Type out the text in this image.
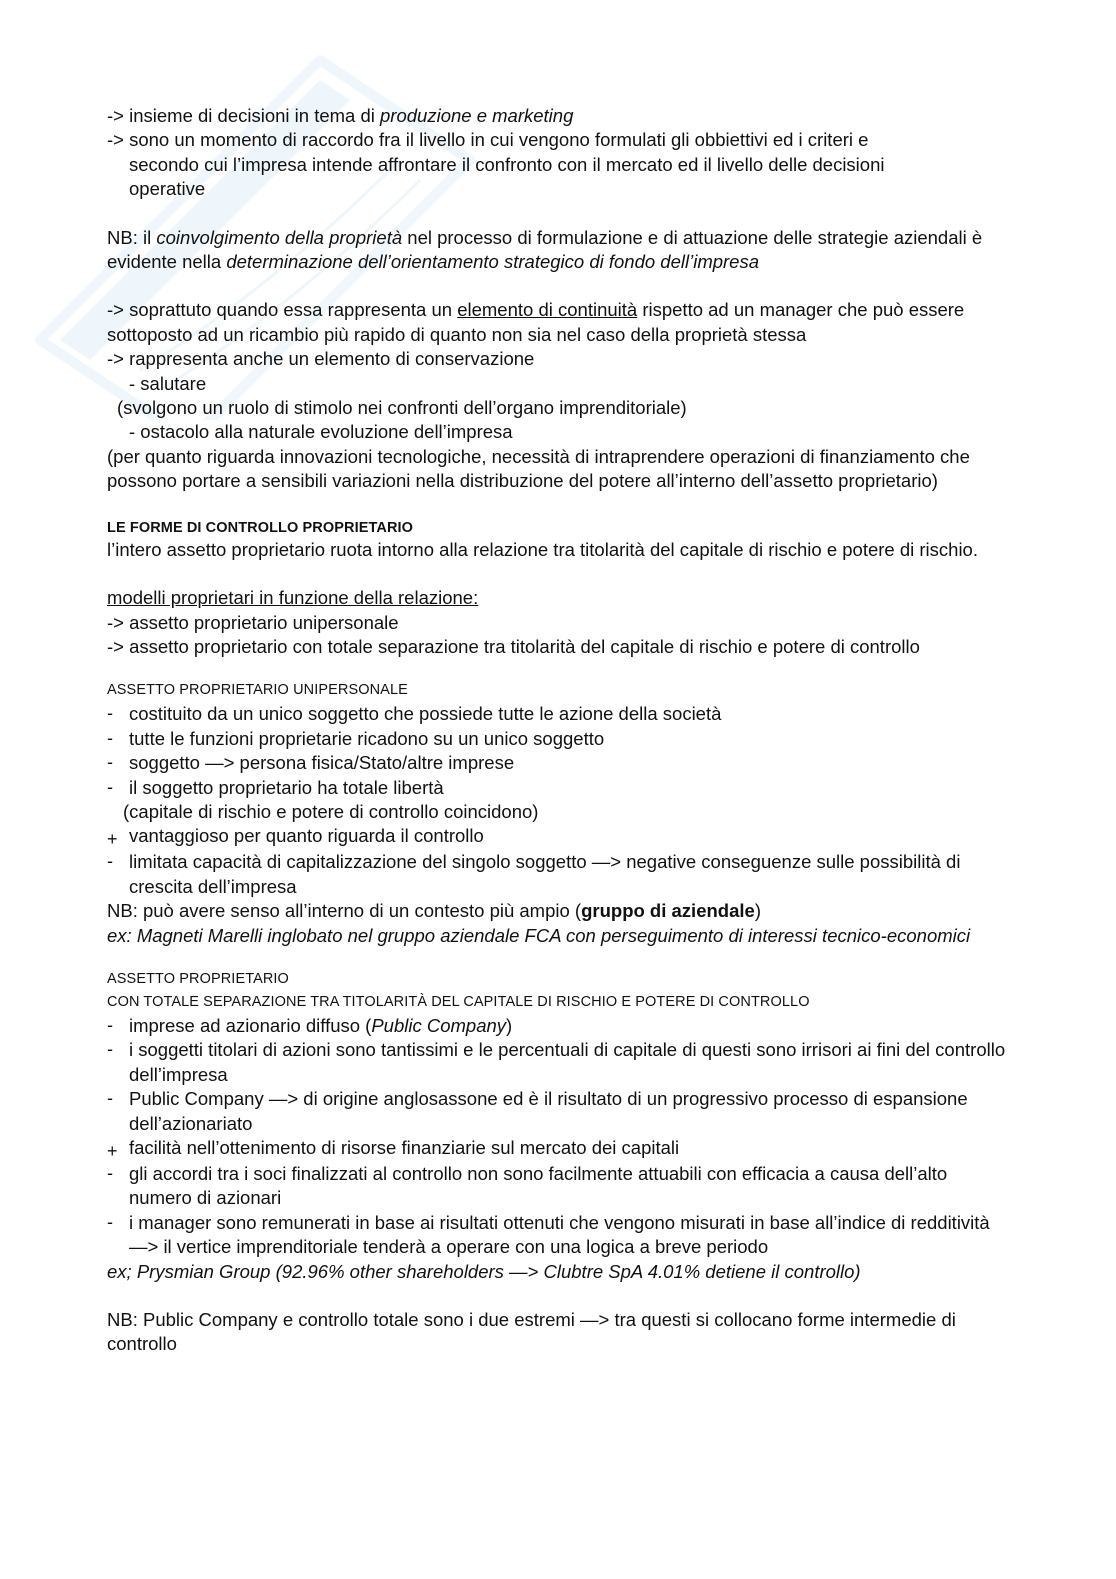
-> insieme di decisioni in tema di produzione e marketing

-> sono un momento di raccordo fra il livello in cui vengono formulati gli obbiettivi ed i criteri e

secondo cui l’impresa intende affrontare il confronto con il mercato ed il livello delle decisioni

operative

NB: il coinvolgimento della proprietà nel processo di formulazione e di attuazione delle strategie aziendali è evidente nella determinazione dell’orientamento strategico di fondo dell’impresa

-> soprattuto quando essa rappresenta un elemento di continuità rispetto ad un manager che può essere sottoposto ad un ricambio più rapido di quanto non sia nel caso della proprietà stessa

-> rappresenta anche un elemento di conservazione

- salutare

(svolgono un ruolo di stimolo nei confronti dell’organo imprenditoriale)

- ostacolo alla naturale evoluzione dell’impresa

(per quanto riguarda innovazioni tecnologiche, necessità di intraprendere operazioni di finanziamento che possono portare a sensibili variazioni nella distribuzione del potere all’interno dell’assetto proprietario)

LE FORME DI CONTROLLO PROPRIETARIO

l’intero assetto proprietario ruota intorno alla relazione tra titolarità del capitale di rischio e potere di rischio.

modelli proprietari in funzione della relazione:

-> assetto proprietario unipersonale

-> assetto proprietario con totale separazione tra titolarità del capitale di rischio e potere di controllo

ASSETTO PROPRIETARIO UNIPERSONALE

- costituito da un unico soggetto che possiede tutte le azione della società
- tutte le funzioni proprietarie ricadono su un unico soggetto
- soggetto —> persona fisica/Stato/altre imprese
- il soggetto proprietario ha totale libertà

(capitale di rischio e potere di controllo coincidono)

+ vantaggioso per quanto riguarda il controllo
- limitata capacità di capitalizzazione del singolo soggetto —> negative conseguenze sulle possibilità di crescita dell’impresa

NB: può avere senso all’interno di un contesto più ampio (gruppo di aziendale)

ex: Magneti Marelli inglobato nel gruppo aziendale FCA con perseguimento di interessi tecnico-economici

ASSETTO PROPRIETARIO

CON TOTALE SEPARAZIONE TRA TITOLARITÀ DEL CAPITALE DI RISCHIO E POTERE DI CONTROLLO

- imprese ad azionario diffuso (Public Company)
- i soggetti titolari di azioni sono tantissimi e le percentuali di capitale di questi sono irrisori ai fini del controllo dell’impresa
- Public Company —> di origine anglosassone ed è il risultato di un progressivo processo di espansione dell’azionariato
+ facilità nell’ottenimento di risorse finanziarie sul mercato dei capitali
- gli accordi tra i soci finalizzati al controllo non sono facilmente attuabili con efficacia a causa dell’alto numero di azionari
- i manager sono remunerati in base ai risultati ottenuti che vengono misurati in base all’indice di redditività —> il vertice imprenditoriale tenderà a operare con una logica a breve periodo

ex; Prysmian Group (92.96% other shareholders —> Clubtre SpA 4.01% detiene il controllo)

NB: Public Company e controllo totale sono i due estremi —> tra questi si collocano forme intermedie di controllo
